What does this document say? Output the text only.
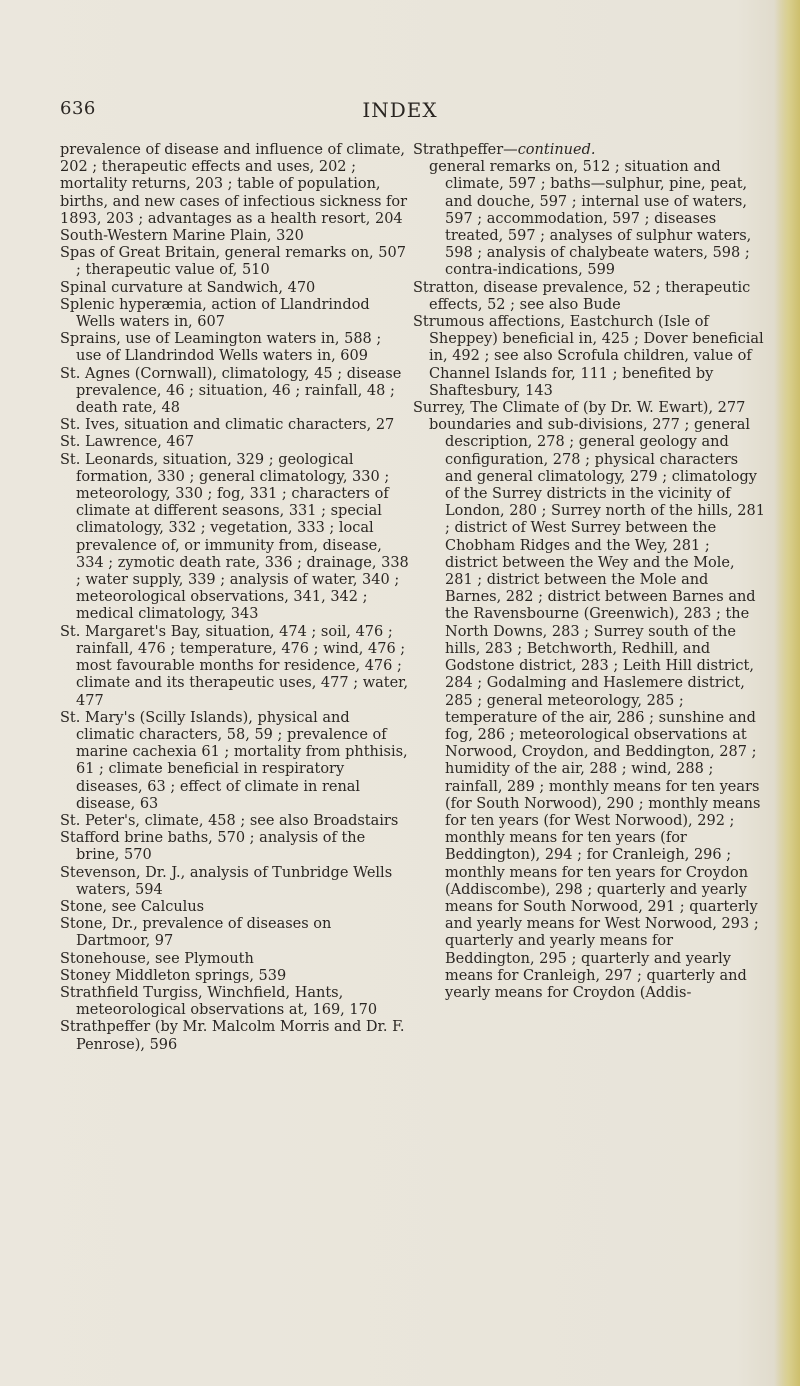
636	INDEX
prevalence of disease and influence of climate, 202 ; therapeutic effects and uses, 202 ; mortality returns, 203 ; table of population, births, and new cases of infectious sickness for 1893, 203 ; advantages as a health resort, 204
South-Western Marine Plain, 320
Spas of Great Britain, general remarks on, 507 ; therapeutic value of, 510
Spinal curvature at Sandwich, 470
Splenic hyperæmia, action of Llandrindod Wells waters in, 607
Sprains, use of Leamington waters in, 588 ; use of Llandrindod Wells waters in, 609
St. Agnes (Cornwall), climatology, 45 ; disease prevalence, 46 ; situation, 46 ; rainfall, 48 ; death rate, 48
St. Ives, situation and climatic characters, 27
St. Lawrence, 467
St. Leonards, situation, 329 ; geological formation, 330 ; general climatology, 330 ; meteorology, 330 ; fog, 331 ; characters of climate at different seasons, 331 ; special climatology, 332 ; vegetation, 333 ; local prevalence of, or immunity from, disease, 334 ; zymotic death rate, 336 ; drainage, 338 ; water supply, 339 ; analysis of water, 340 ; meteorological observations, 341, 342 ; medical climatology, 343
St. Margaret's Bay, situation, 474 ; soil, 476 ; rainfall, 476 ; temperature, 476 ; wind, 476 ; most favourable months for residence, 476 ; climate and its therapeutic uses, 477 ; water, 477
St. Mary's (Scilly Islands), physical and climatic characters, 58, 59 ; prevalence of marine cachexia 61 ; mortality from phthisis, 61 ; climate beneficial in respiratory diseases, 63 ; effect of climate in renal disease, 63
St. Peter's, climate, 458 ; see also Broadstairs
Stafford brine baths, 570 ; analysis of the brine, 570
Stevenson, Dr. J., analysis of Tunbridge Wells waters, 594
Stone, see Calculus
Stone, Dr., prevalence of diseases on Dartmoor, 97
Stonehouse, see Plymouth
Stoney Middleton springs, 539
Strathfield Turgiss, Winchfield, Hants, meteorological observations at, 169, 170
Strathpeffer (by Mr. Malcolm Morris and Dr. F. Penrose), 596
Strathpeffer—continued.
general remarks on, 512 ; situation and climate, 597 ; baths—sulphur, pine, peat, and douche, 597 ; internal use of waters, 597 ; accommodation, 597 ; diseases treated, 597 ; analyses of sulphur waters, 598 ; analysis of chalybeate waters, 598 ; contra-indications, 599
Stratton, disease prevalence, 52 ; therapeutic effects, 52 ; see also Bude
Strumous affections, Eastchurch (Isle of Sheppey) beneficial in, 425 ; Dover beneficial in, 492 ; see also Scrofula children, value of Channel Islands for, 111 ; benefited by Shaftesbury, 143
Surrey, The Climate of (by Dr. W. Ewart), 277
boundaries and sub-divisions, 277 ; general description, 278 ; general geology and configuration, 278 ; physical characters and general climatology, 279 ; climatology of the Surrey districts in the vicinity of London, 280 ; Surrey north of the hills, 281 ; district of West Surrey between the Chobham Ridges and the Wey, 281 ; district between the Wey and the Mole, 281 ; district between the Mole and Barnes, 282 ; district between Barnes and the Ravensbourne (Greenwich), 283 ; the North Downs, 283 ; Surrey south of the hills, 283 ; Betchworth, Redhill, and Godstone district, 283 ; Leith Hill district, 284 ; Godalming and Haslemere district, 285 ; general meteorology, 285 ; temperature of the air, 286 ; sunshine and fog, 286 ; meteorological observations at Norwood, Croydon, and Beddington, 287 ; humidity of the air, 288 ; wind, 288 ; rainfall, 289 ; monthly means for ten years (for South Norwood), 290 ; monthly means for ten years (for West Norwood), 292 ; monthly means for ten years (for Beddington), 294 ; for Cranleigh, 296 ; monthly means for ten years for Croydon (Addiscombe), 298 ; quarterly and yearly means for South Norwood, 291 ; quarterly and yearly means for West Norwood, 293 ; quarterly and yearly means for Beddington, 295 ; quarterly and yearly means for Cranleigh, 297 ; quarterly and yearly means for Croydon (Addis-
